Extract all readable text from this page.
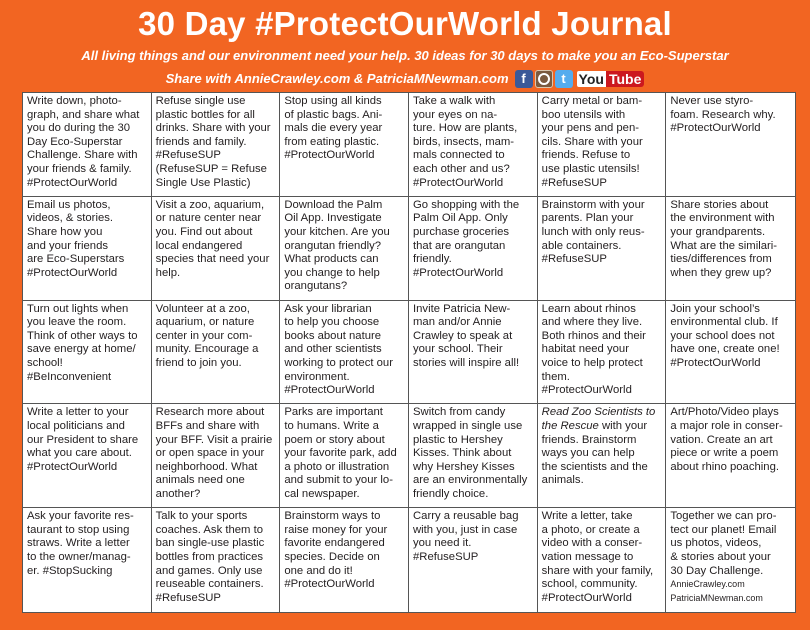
30 Day #ProtectOurWorld Journal
All living things and our environment need your help. 30 ideas for 30 days to make you an Eco-Superstar
Share with AnnieCrawley.com & PatriciaMNewman.com f	t You Tube
Write down, photo-
graph, and share what
you do during the 30
Day Eco-Superstar
Challenge. Share with
your friends & family.
#ProtectOurWorld
Refuse single use
plastic bottles for all
drinks. Share with your
friends and family.
#RefuseSUP
(RefuseSUP = Refuse
Single Use Plastic)
Stop using all kinds
of plastic bags. Ani-
mals die every year
from eating plastic.
#ProtectOurWorld
Take a walk with
your eyes on na-
ture. How are plants,
birds, insects, mam-
mals connected to
each other and us?
#ProtectOurWorld
Carry metal or bam-
boo utensils with
your pens and pen-
cils. Share with your
friends. Refuse to
use plastic utensils!
#RefuseSUP
Never use styro-
foam. Research why.
#ProtectOurWorld
Email us photos,
videos, & stories.
Share how you
and your friends
are Eco-Superstars
#ProtectOurWorld
Visit a zoo, aquarium,
or nature center near
you. Find out about
local endangered
species that need your
help.
Download the Palm
Oil App. Investigate
your kitchen. Are you
orangutan friendly?
What products can
you change to help
orangutans?
Go shopping with the
Palm Oil App. Only
purchase groceries
that are orangutan
friendly.
#ProtectOurWorld
Brainstorm with your
parents. Plan your
lunch with only reus-
able containers.
#RefuseSUP
Share stories about
the environment with
your grandparents.
What are the similari-
ties/differences from
when they grew up?
Turn out lights when
you leave the room.
Think of other ways to
save energy at home/
school!
#BeInconvenient
Volunteer at a zoo,
aquarium, or nature
center in your com-
munity. Encourage a
friend to join you.
Ask your librarian
to help you choose
books about nature
and other scientists
working to protect our
environment.
#ProtectOurWorld
Invite Patricia New-
man and/or Annie
Crawley to speak at
your school. Their
stories will inspire all!
Learn about rhinos
and where they live.
Both rhinos and their
habitat need your
voice to help protect
them.
#ProtectOurWorld
Join your school’s
environmental club. If
your school does not
have one, create one!
#ProtectOurWorld
Write a letter to your
local politicians and
our President to share
what you care about.
#ProtectOurWorld
Research more about
BFFs and share with
your BFF. Visit a prairie
or open space in your
neighborhood. What
animals need one
another?
Parks are important
to humans. Write a
poem or story about
your favorite park, add
a photo or illustration
and submit to your lo-
cal newspaper.
Switch from candy
wrapped in single use
plastic to Hershey
Kisses. Think about
why Hershey Kisses
are an environmentally
friendly choice.
Read Zoo Scientists to
the Rescue with your
friends. Brainstorm
ways you can help
the scientists and the
animals.
Art/Photo/Video plays
a major role in conser-
vation. Create an art
piece or write a poem
about rhino poaching.
Ask your favorite res-
taurant to stop using
straws. Write a letter
to the owner/manag-
er. #StopSucking
Talk to your sports
coaches. Ask them to
ban single-use plastic
bottles from practices
and games. Only use
reuseable containers.
#RefuseSUP
Brainstorm ways to
raise money for your
favorite endangered
species. Decide on
one and do it!
#ProtectOurWorld
Carry a reusable bag
with you, just in case
you need it.
#RefuseSUP
Write a letter, take
a photo, or create a
video with a conser-
vation message to
share with your family,
school, community.
#ProtectOurWorld
Together we can pro-
tect our planet! Email
us photos, videos,
& stories about your
30 Day Challenge.
AnnieCrawley.com
PatriciaMNewman.com
